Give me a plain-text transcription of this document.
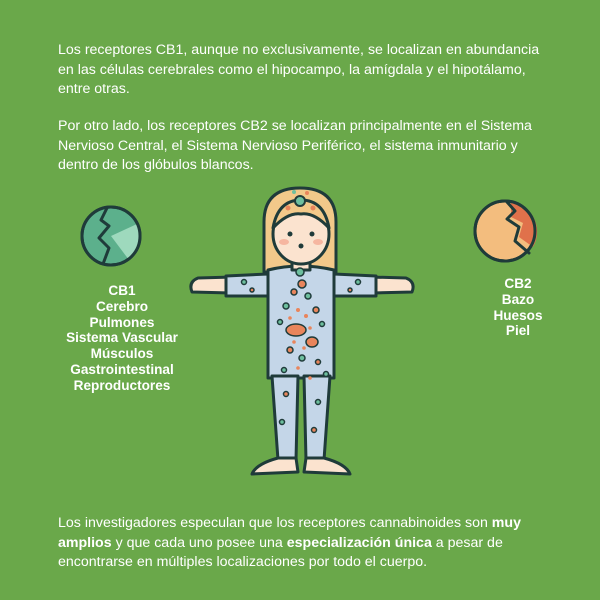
Los receptores CB1, aunque no exclusivamente, se localizan en abundancia en las células cerebrales como el hipocampo, la amígdala y el hipotálamo, entre otras.

Por otro lado, los receptores CB2 se localizan principalmente en el Sistema Nervioso Central, el Sistema Nervioso Periférico, el sistema inmunitario y dentro de los glóbulos blancos.

CB1
Cerebro
Pulmones
Sistema Vascular
Músculos
Gastrointestinal
Reproductores
CB2
Bazo
Huesos
Piel

Los investigadores especulan que los receptores cannabinoides son muy amplios y que cada uno posee una especialización única a pesar de encontrarse en múltiples localizaciones por todo el cuerpo.
